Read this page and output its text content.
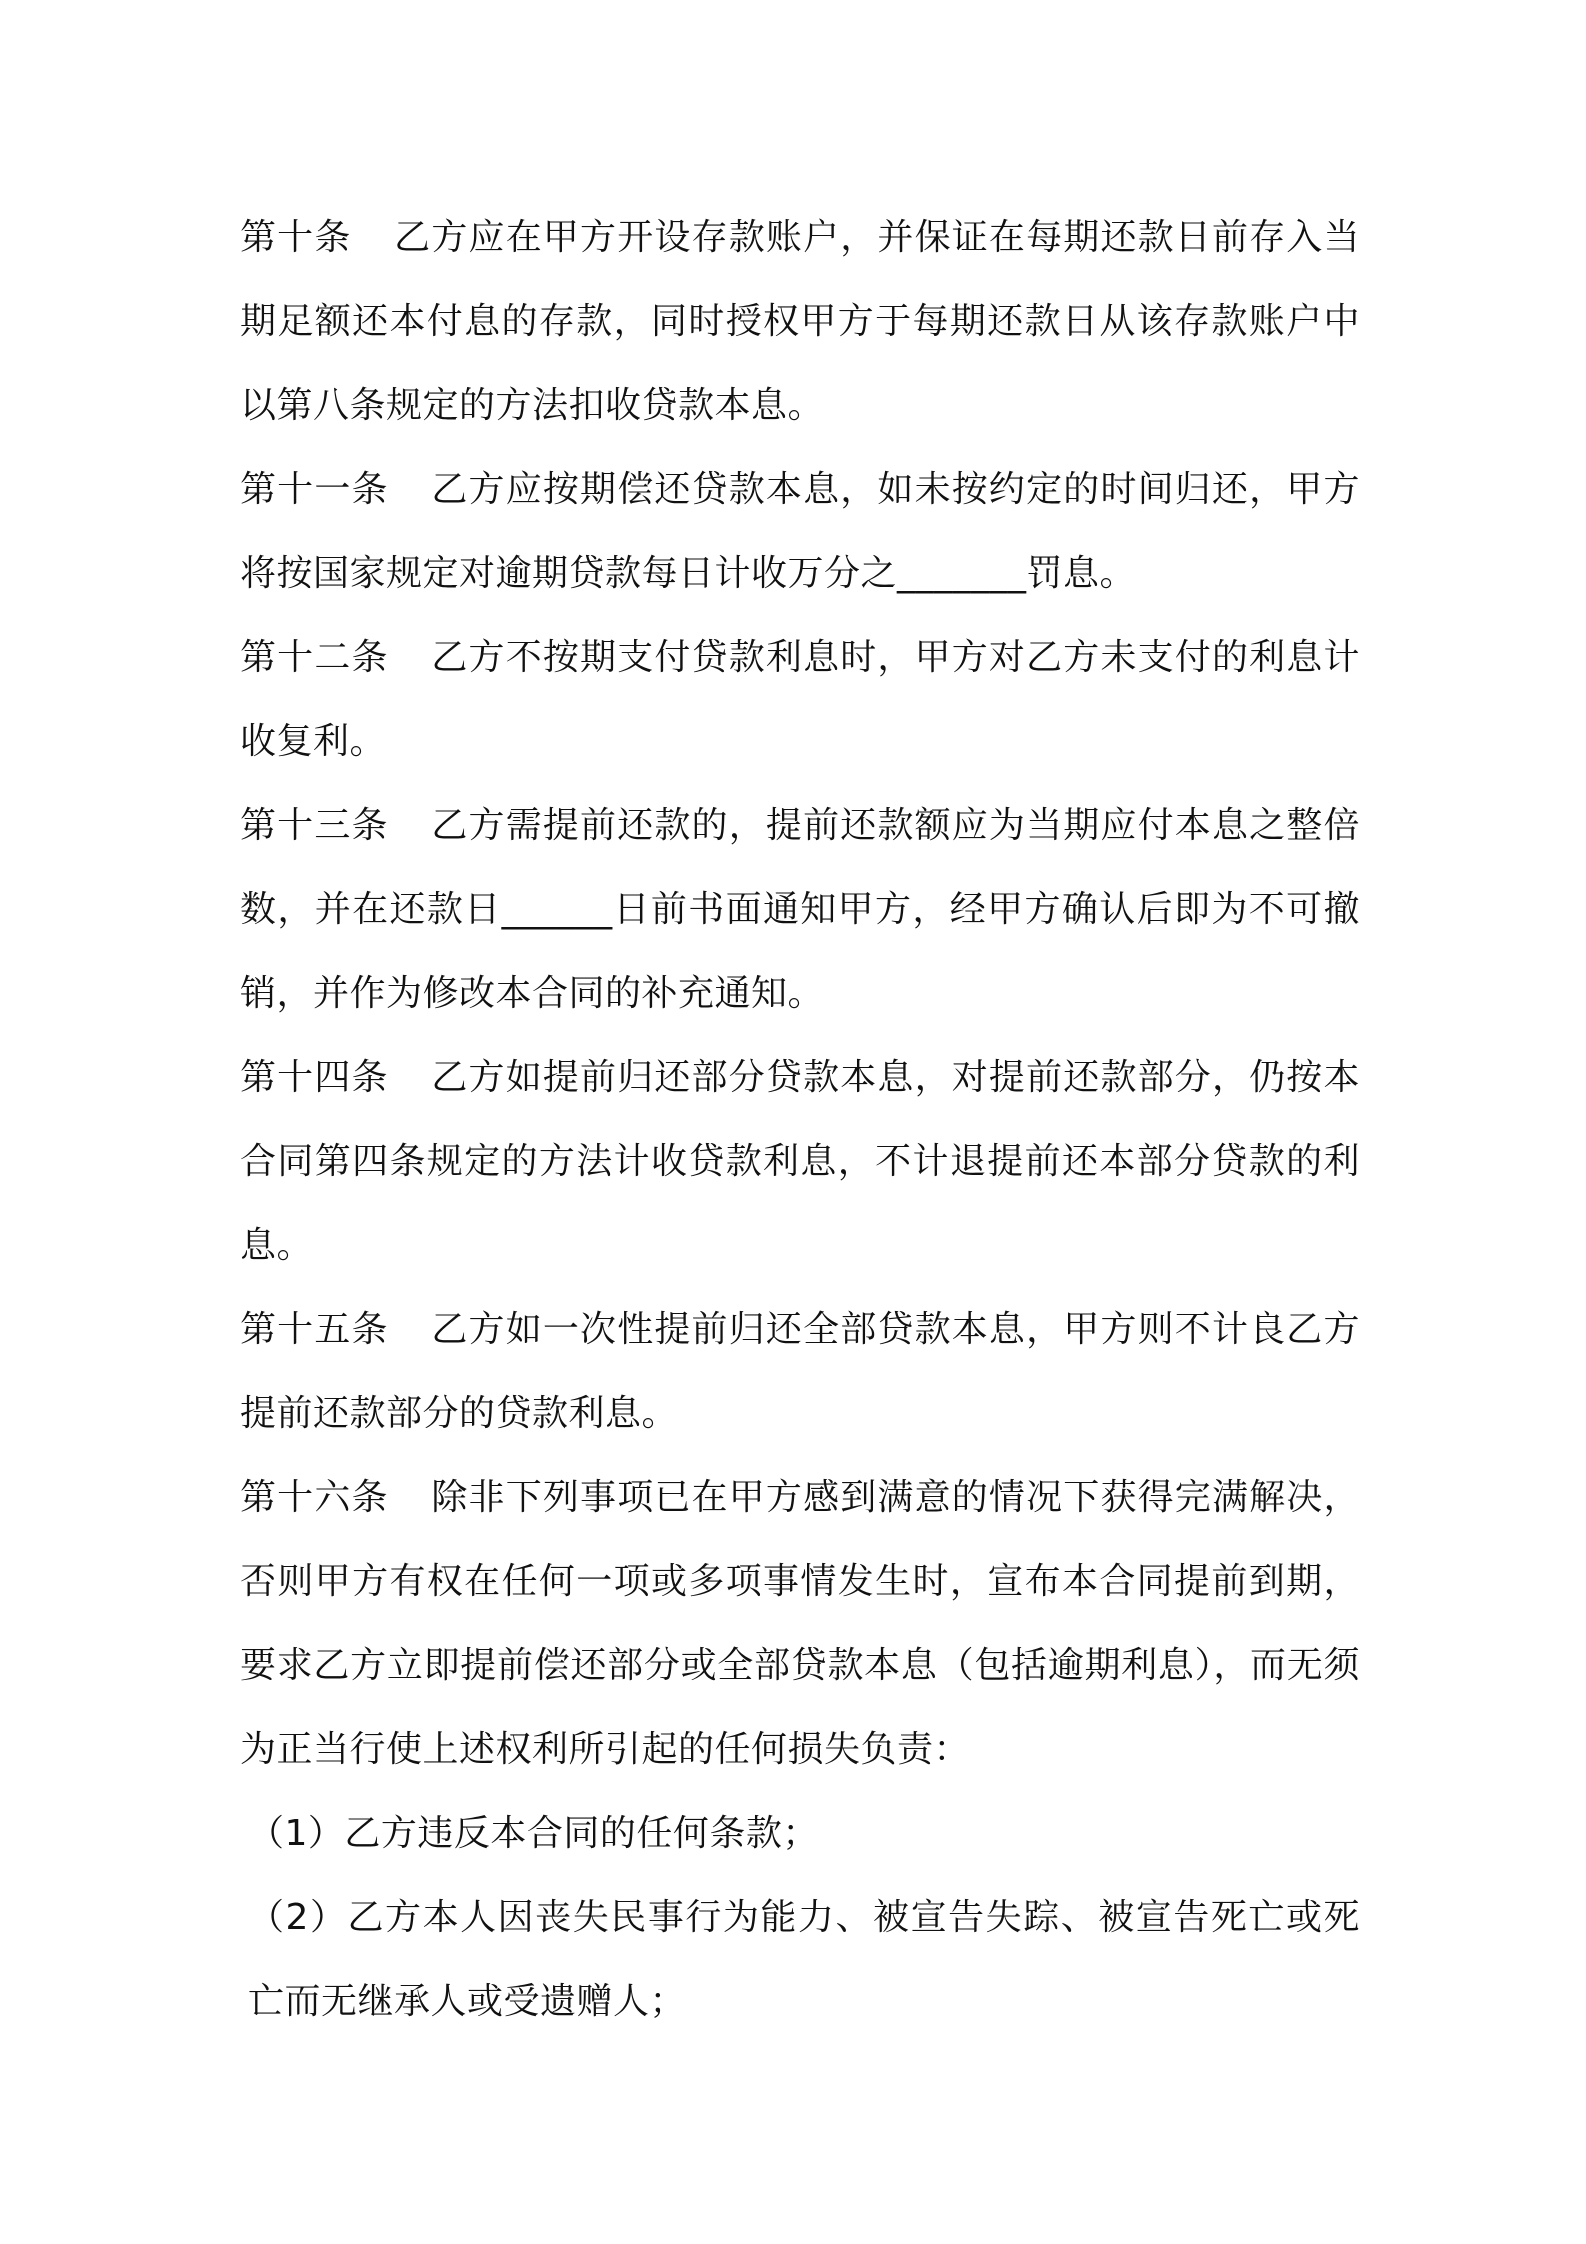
第十条 乙方应在甲方开设存款账户，并保证在每期还款日前存入当期足额还本付息的存款，同时授权甲方于每期还款日从该存款账户中以第八条规定的方法扣收贷款本息。

第十一条 乙方应按期偿还贷款本息，如未按约定的时间归还，甲方将按国家规定对逾期贷款每日计收万分之_______罚息。

第十二条 乙方不按期支付贷款利息时，甲方对乙方未支付的利息计收复利。

第十三条 乙方需提前还款的，提前还款额应为当期应付本息之整倍数，并在还款日______日前书面通知甲方，经甲方确认后即为不可撤销，并作为修改本合同的补充通知。

第十四条 乙方如提前归还部分贷款本息，对提前还款部分，仍按本合同第四条规定的方法计收贷款利息，不计退提前还本部分贷款的利息。

第十五条 乙方如一次性提前归还全部贷款本息，甲方则不计良乙方提前还款部分的贷款利息。

第十六条 除非下列事项已在甲方感到满意的情况下获得完满解决，否则甲方有权在任何一项或多项事情发生时，宣布本合同提前到期，要求乙方立即提前偿还部分或全部贷款本息（包括逾期利息），而无须为正当行使上述权利所引起的任何损失负责：

（1）乙方违反本合同的任何条款；

（2）乙方本人因丧失民事行为能力、被宣告失踪、被宣告死亡或死亡而无继承人或受遗赠人；
